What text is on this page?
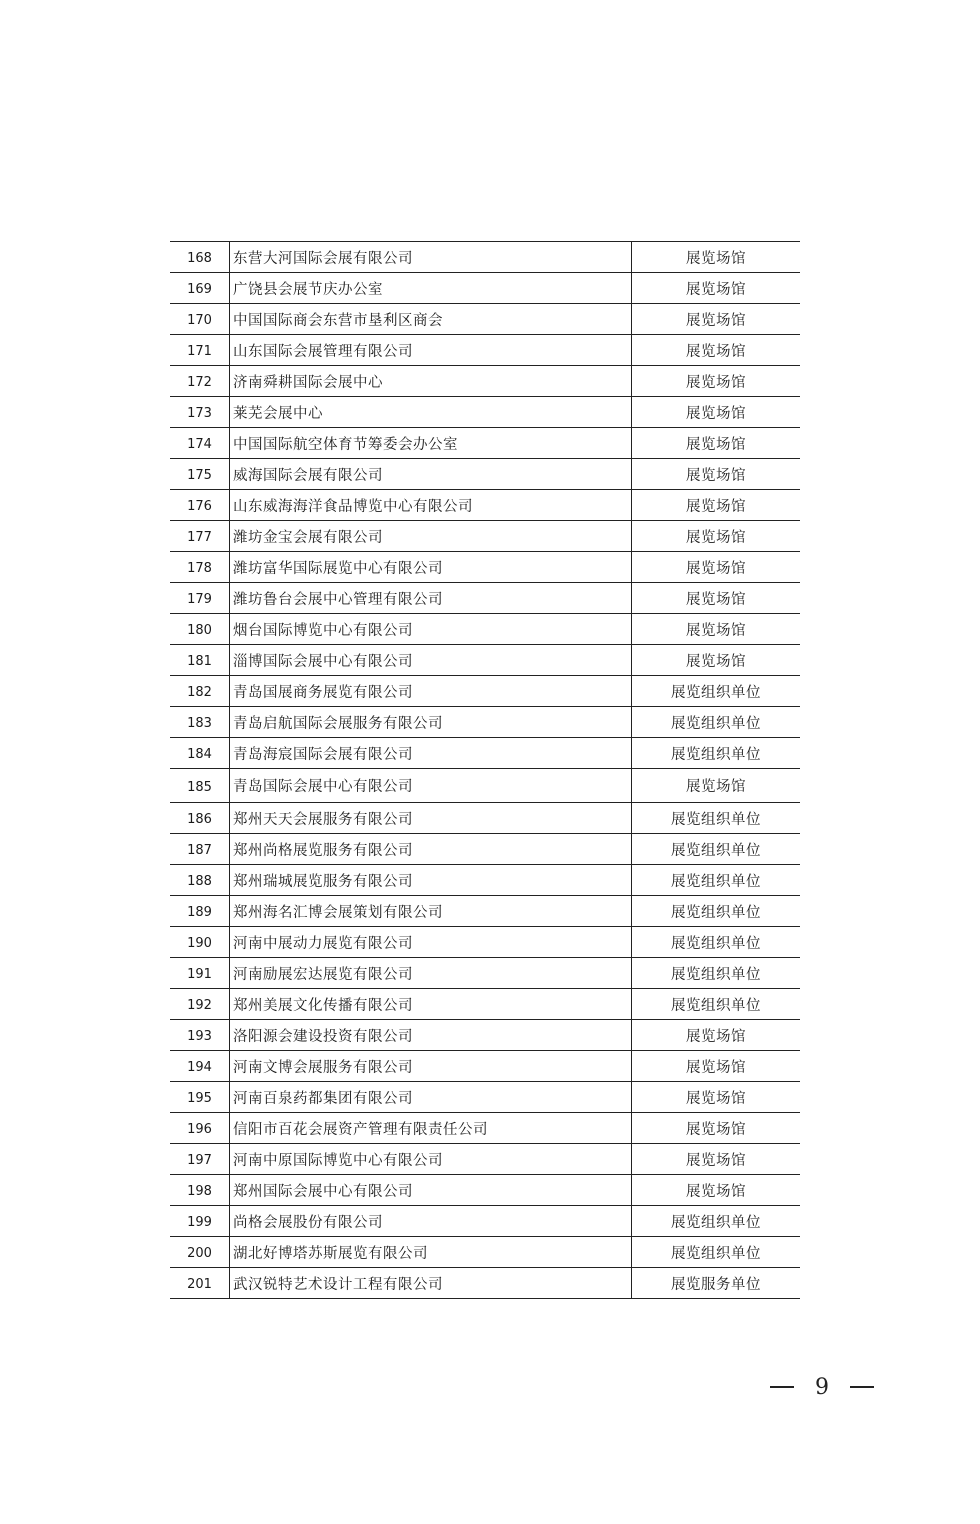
168	东营大河国际会展有限公司	展览场馆
169	广饶县会展节庆办公室	展览场馆
170	中国国际商会东营市垦利区商会	展览场馆
171	山东国际会展管理有限公司	展览场馆
172	济南舜耕国际会展中心	展览场馆
173	莱芜会展中心	展览场馆
174	中国国际航空体育节筹委会办公室	展览场馆
175	威海国际会展有限公司	展览场馆
176	山东威海海洋食品博览中心有限公司	展览场馆
177	潍坊金宝会展有限公司	展览场馆
178	潍坊富华国际展览中心有限公司	展览场馆
179	潍坊鲁台会展中心管理有限公司	展览场馆
180	烟台国际博览中心有限公司	展览场馆
181	淄博国际会展中心有限公司	展览场馆
182	青岛国展商务展览有限公司	展览组织单位
183	青岛启航国际会展服务有限公司	展览组织单位
184	青岛海宸国际会展有限公司	展览组织单位
185	青岛国际会展中心有限公司	展览场馆
186	郑州天天会展服务有限公司	展览组织单位
187	郑州尚格展览服务有限公司	展览组织单位
188	郑州瑞城展览服务有限公司	展览组织单位
189	郑州海名汇博会展策划有限公司	展览组织单位
190	河南中展动力展览有限公司	展览组织单位
191	河南励展宏达展览有限公司	展览组织单位
192	郑州美展文化传播有限公司	展览组织单位
193	洛阳源会建设投资有限公司	展览场馆
194	河南文博会展服务有限公司	展览场馆
195	河南百泉药都集团有限公司	展览场馆
196	信阳市百花会展资产管理有限责任公司	展览场馆
197	河南中原国际博览中心有限公司	展览场馆
198	郑州国际会展中心有限公司	展览场馆
199	尚格会展股份有限公司	展览组织单位
200	湖北好博塔苏斯展览有限公司	展览组织单位
201	武汉锐特艺术设计工程有限公司	展览服务单位
9
